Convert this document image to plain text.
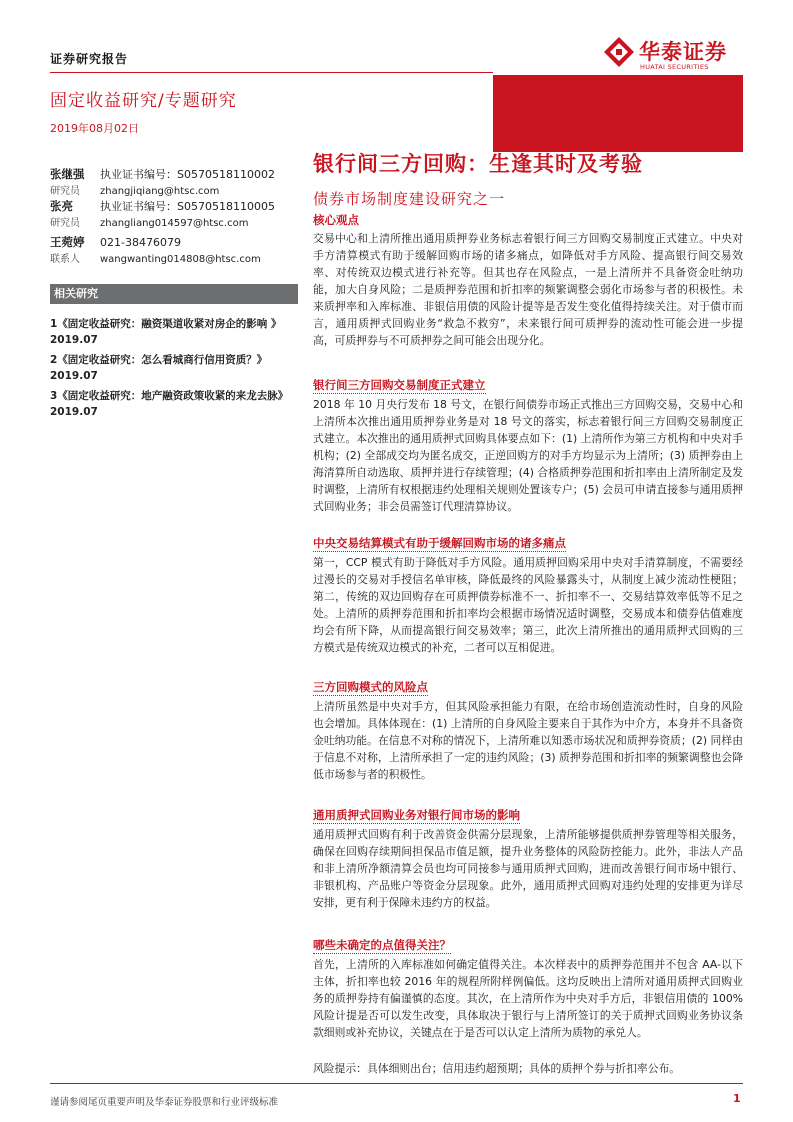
证券研究报告
固定收益研究/专题研究
2019年08月02日
华泰证券
HUATAI SECURITIES
张继强 执业证书编号：S0570518110002
研究员 zhangjiqiang@htsc.com
张亮 执业证书编号：S0570518110005
研究员 zhangliang014597@htsc.com
王菀婷 021-38476079
联系人 wangwanting014808@htsc.com
相关研究
1《固定收益研究：融资渠道收紧对房企的影响 》2019.07
2《固定收益研究：怎么看城商行信用资质？》2019.07
3《固定收益研究：地产融资政策收紧的来龙去脉》2019.07
银行间三方回购：生逢其时及考验
债券市场制度建设研究之一
核心观点
交易中心和上清所推出通用质押券业务标志着银行间三方回购交易制度正式建立。中央对手方清算模式有助于缓解回购市场的诸多痛点，如降低对手方风险、提高银行间交易效率、对传统双边模式进行补充等。但其也存在风险点，一是上清所并不具备资金吐纳功能，加大自身风险；二是质押券范围和折扣率的频繁调整会弱化市场参与者的积极性。未来质押率和入库标准、非银信用债的风险计提等是否发生变化值得持续关注。对于债市而言，通用质押式回购业务“救急不救穷”，未来银行间可质押券的流动性可能会进一步提高，可质押券与不可质押券之间可能会出现分化。
银行间三方回购交易制度正式建立
2018 年 10 月央行发布 18 号文，在银行间债券市场正式推出三方回购交易，交易中心和上清所本次推出通用质押券业务是对 18 号文的落实，标志着银行间三方回购交易制度正式建立。本次推出的通用质押式回购具体要点如下：(1) 上清所作为第三方机构和中央对手机构；(2) 全部成交均为匿名成交，正逆回购方的对手方均显示为上清所；(3) 质押券由上海清算所自动选取、质押并进行存续管理；(4) 合格质押券范围和折扣率由上清所制定及发时调整，上清所有权根据违约处理相关规则处置该专户；(5) 会员可申请直接参与通用质押式回购业务；非会员需签订代理清算协议。
中央交易结算模式有助于缓解回购市场的诸多痛点
第一，CCP 模式有助于降低对手方风险。通用质押回购采用中央对手清算制度，不需要经过漫长的交易对手授信名单审核，降低最终的风险暴露头寸，从制度上减少流动性梗阻；第二，传统的双边回购存在可质押债券标准不一、折扣率不一、交易结算效率低等不足之处。上清所的质押券范围和折扣率均会根据市场情况适时调整，交易成本和债券估值难度均会有所下降，从而提高银行间交易效率；第三，此次上清所推出的通用质押式回购的三方模式是传统双边模式的补充，二者可以互相促进。
三方回购模式的风险点
上清所虽然是中央对手方，但其风险承担能力有限，在给市场创造流动性时，自身的风险也会增加。具体体现在：(1) 上清所的自身风险主要来自于其作为中介方，本身并不具备资金吐纳功能。在信息不对称的情况下，上清所难以知悉市场状况和质押券资质；(2) 同样由于信息不对称，上清所承担了一定的违约风险；(3) 质押券范围和折扣率的频繁调整也会降低市场参与者的积极性。
通用质押式回购业务对银行间市场的影响
通用质押式回购有利于改善资金供需分层现象，上清所能够提供质押券管理等相关服务，确保在回购存续期间担保品市值足额，提升业务整体的风险防控能力。此外，非法人产品和非上清所净额清算会员也均可同接参与通用质押式回购，进而改善银行间市场中银行、非银机构、产品账户等资金分层现象。此外，通用质押式回购对违约处理的安排更为详尽安排，更有利于保障未违约方的权益。
哪些未确定的点值得关注？
首先，上清所的入库标准如何确定值得关注。本次样表中的质押券范围并不包含 AA-以下主体，折扣率也较 2016 年的规程所附样例偏低。这均反映出上清所对通用质押式回购业务的质押券持有偏谨慎的态度。其次，在上清所作为中央对手方后，非银信用债的 100%风险计提是否可以发生改变，具体取决于银行与上清所签订的关于质押式回购业务协议条款细则或补充协议，关键点在于是否可以认定上清所为质物的承兑人。
风险提示：具体细则出台；信用违约超预期；具体的质押个券与折扣率公布。
谨请参阅尾页重要声明及华泰证券股票和行业评级标准	1
